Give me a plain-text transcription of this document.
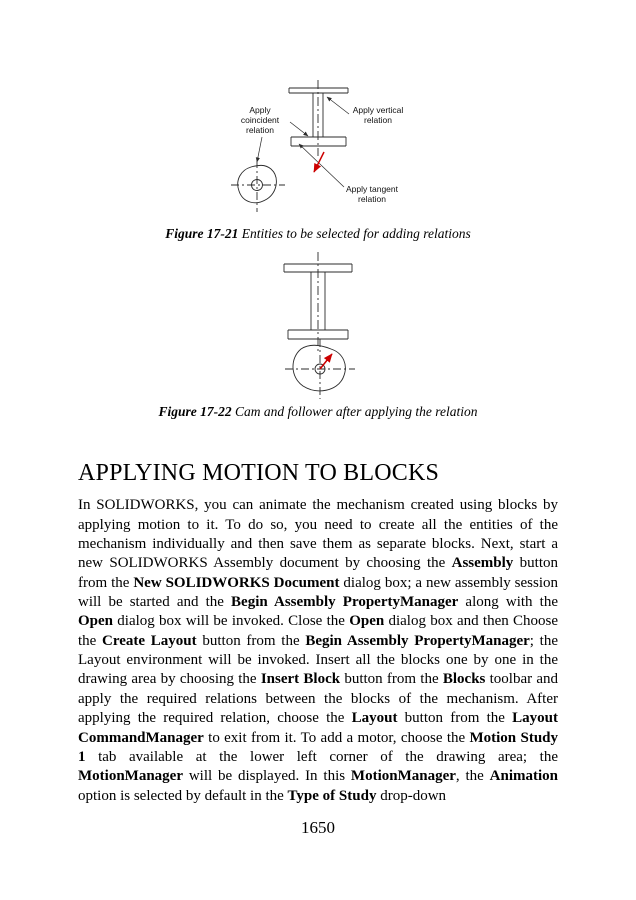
Apply coincident relation
Apply vertical relation
Apply tangent relation
Figure 17-21 Entities to be selected for adding relations
Figure 17-22 Cam and follower after applying the relation
APPLYING MOTION TO BLOCKS

In SOLIDWORKS, you can animate the mechanism created using blocks by applying motion to it. To do so, you need to create all the entities of the mechanism individually and then save them as separate blocks. Next, start a new SOLIDWORKS Assembly document by choosing the Assembly button from the New SOLIDWORKS Document dialog box; a new assembly session will be started and the Begin Assembly PropertyManager along with the Open dialog box will be invoked. Close the Open dialog box and then Choose the Create Layout button from the Begin Assembly PropertyManager; the Layout environment will be invoked. Insert all the blocks one by one in the drawing area by choosing the Insert Block button from the Blocks toolbar and apply the required relations between the blocks of the mechanism. After applying the required relation, choose the Layout button from the Layout CommandManager to exit from it. To add a motor, choose the Motion Study 1 tab available at the lower left corner of the drawing area; the MotionManager will be displayed. In this MotionManager, the Animation option is selected by default in the Type of Study drop-down

1650
